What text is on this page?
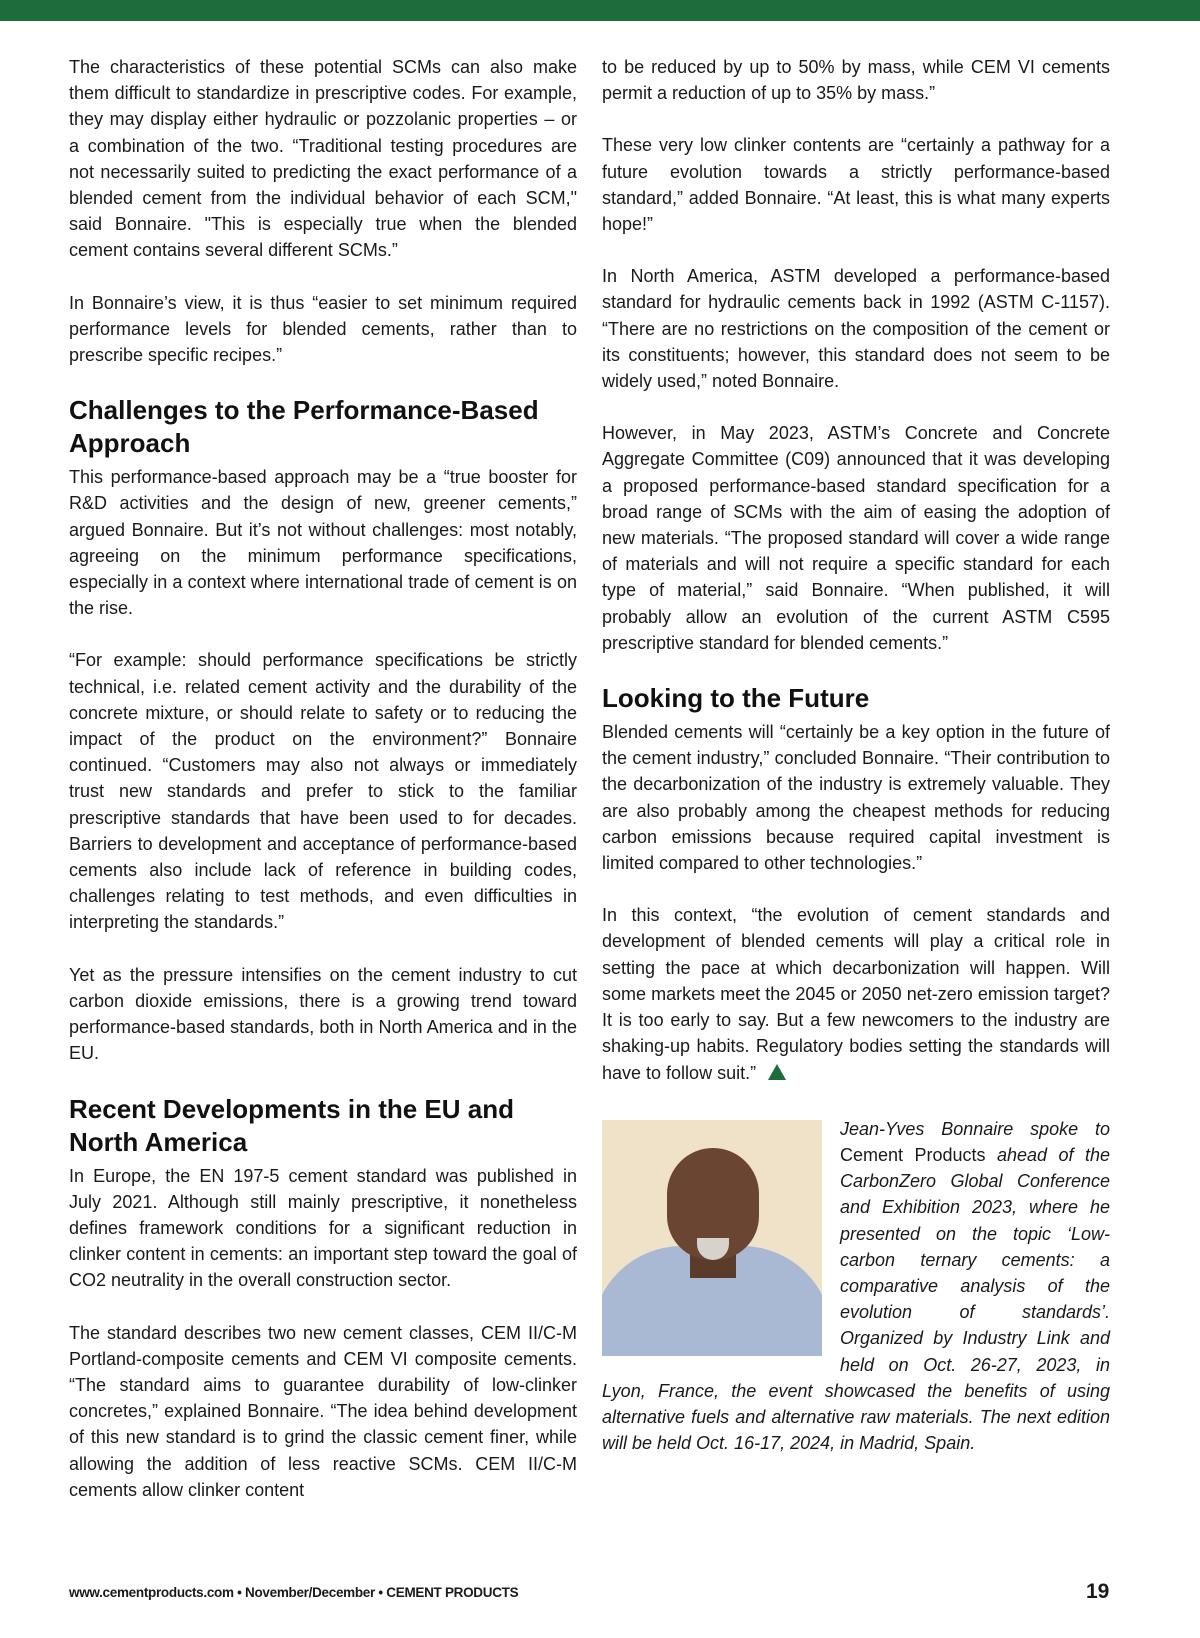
The characteristics of these potential SCMs can also make them difficult to standardize in prescriptive codes. For example, they may display either hydraulic or pozzolanic properties – or a combination of the two. “Traditional testing procedures are not necessarily suited to predicting the exact performance of a blended cement from the individual behavior of each SCM," said Bonnaire. "This is especially true when the blended cement contains several different SCMs.”

In Bonnaire’s view, it is thus “easier to set minimum required performance levels for blended cements, rather than to prescribe specific recipes.”

Challenges to the Performance-Based Approach

This performance-based approach may be a “true booster for R&D activities and the design of new, greener cements,” argued Bonnaire. But it’s not without challenges: most notably, agreeing on the minimum performance specifications, especially in a context where international trade of cement is on the rise.

“For example: should performance specifications be strictly technical, i.e. related cement activity and the durability of the concrete mixture, or should relate to safety or to reducing the impact of the product on the environment?” Bonnaire continued. “Customers may also not always or immediately trust new standards and prefer to stick to the familiar prescriptive standards that have been used to for decades. Barriers to development and acceptance of performance-based cements also include lack of reference in building codes, challenges relating to test methods, and even difficulties in interpreting the standards.”

Yet as the pressure intensifies on the cement industry to cut carbon dioxide emissions, there is a growing trend toward performance-based standards, both in North America and in the EU.

Recent Developments in the EU and North America

In Europe, the EN 197-5 cement standard was published in July 2021. Although still mainly prescriptive, it nonetheless defines framework conditions for a significant reduction in clinker content in cements: an important step toward the goal of CO2 neutrality in the overall construction sector.

The standard describes two new cement classes, CEM II/C-M Portland-composite cements and CEM VI composite cements. “The standard aims to guarantee durability of low-clinker concretes,” explained Bonnaire. “The idea behind development of this new standard is to grind the classic cement finer, while allowing the addition of less reactive SCMs. CEM II/C-M cements allow clinker content

to be reduced by up to 50% by mass, while CEM VI cements permit a reduction of up to 35% by mass.”

These very low clinker contents are “certainly a pathway for a future evolution towards a strictly performance-based standard,” added Bonnaire. “At least, this is what many experts hope!”

In North America, ASTM developed a performance-based standard for hydraulic cements back in 1992 (ASTM C-1157). “There are no restrictions on the composition of the cement or its constituents; however, this standard does not seem to be widely used,” noted Bonnaire.

However, in May 2023, ASTM’s Concrete and Concrete Aggregate Committee (C09) announced that it was developing a proposed performance-based standard specification for a broad range of SCMs with the aim of easing the adoption of new materials. “The proposed standard will cover a wide range of materials and will not require a specific standard for each type of material,” said Bonnaire. “When published, it will probably allow an evolution of the current ASTM C595 prescriptive standard for blended cements.”

Looking to the Future

Blended cements will “certainly be a key option in the future of the cement industry,” concluded Bonnaire. “Their contribution to the decarbonization of the industry is extremely valuable. They are also probably among the cheapest methods for reducing carbon emissions because required capital investment is limited compared to other technologies.”

In this context, “the evolution of cement standards and development of blended cements will play a critical role in setting the pace at which decarbonization will happen. Will some markets meet the 2045 or 2050 net-zero emission target? It is too early to say. But a few newcomers to the industry are shaking-up habits. Regulatory bodies setting the standards will have to follow suit.”

Jean-Yves Bonnaire spoke to Cement Products ahead of the CarbonZero Global Conference and Exhibition 2023, where he presented on the topic ‘Low-carbon ternary cements: a comparative analysis of the evolution of standards’. Organized by Industry Link and held on Oct. 26-27, 2023, in Lyon, France, the event showcased the benefits of using alternative fuels and alternative raw materials. The next edition will be held Oct. 16-17, 2024, in Madrid, Spain.
www.cementproducts.com • November/December • CEMENT PRODUCTS	19
